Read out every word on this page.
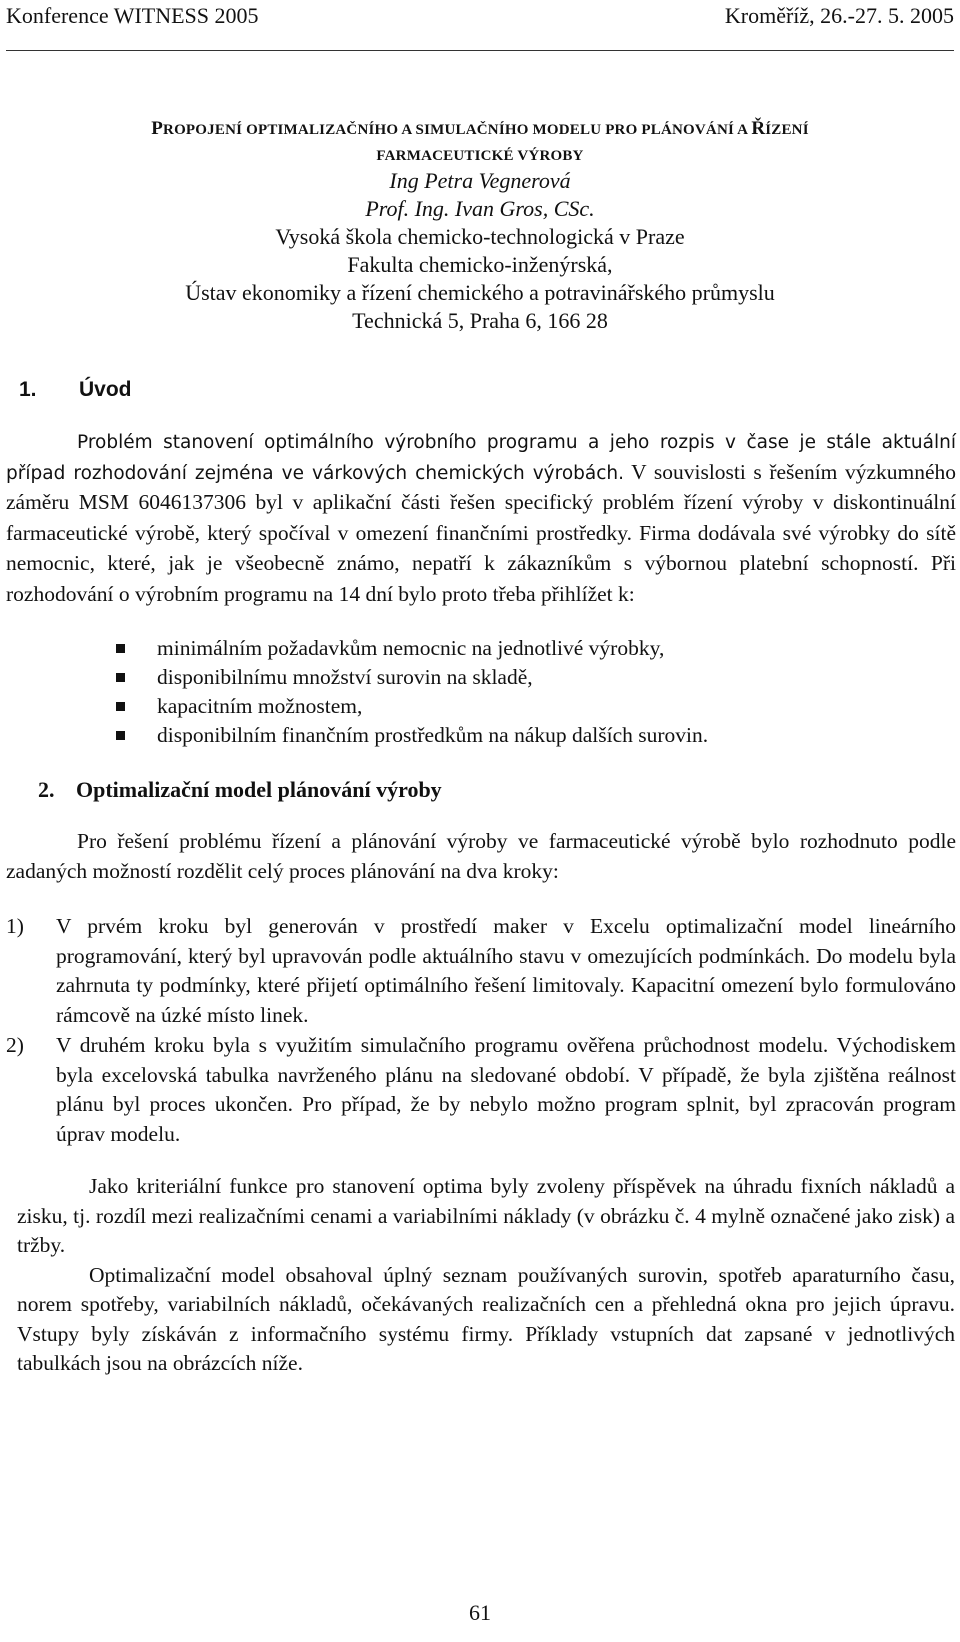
Konference WITNESS 2005	Kroměříž, 26.-27. 5. 2005
PROPOJENÍ OPTIMALIZAČNÍHO A SIMULAČNÍHO MODELU PRO PLÁNOVÁNÍ A ŘÍZENÍ
FARMACEUTICKÉ VÝROBY
Ing Petra Vegnerová
Prof. Ing. Ivan Gros, CSc.
Vysoká škola chemicko-technologická v Praze
Fakulta chemicko-inženýrská,
Ústav ekonomiky a řízení chemického a potravinářského průmyslu
Technická 5, Praha 6, 166 28
1. Úvod
Problém stanovení optimálního výrobního programu a jeho rozpis v čase je stále aktuální případ rozhodování zejména ve várkových chemických výrobách. V souvislosti s řešením výzkumného záměru MSM 6046137306 byl v aplikační části řešen specifický problém řízení výroby v diskontinuální farmaceutické výrobě, který spočíval v omezení finančními prostředky. Firma dodávala své výrobky do sítě nemocnic, které, jak je všeobecně známo, nepatří k zákazníkům s výbornou platební schopností. Při rozhodování o výrobním programu na 14 dní bylo proto třeba přihlížet k:
minimálním požadavkům nemocnic na jednotlivé výrobky,
disponibilnímu množství surovin na skladě,
kapacitním možnostem,
disponibilním finančním prostředkům na nákup dalších surovin.
2. Optimalizační model plánování výroby
Pro řešení problému řízení a plánování výroby ve farmaceutické výrobě bylo rozhodnuto podle zadaných možností rozdělit celý proces plánování na dva kroky:
1) V prvém kroku byl generován v prostředí maker v Excelu optimalizační model lineárního programování, který byl upravován podle aktuálního stavu v omezujících podmínkách. Do modelu byla zahrnuta ty podmínky, které přijetí optimálního řešení limitovaly. Kapacitní omezení bylo formulováno rámcově na úzké místo linek.
2) V druhém kroku byla s využitím simulačního programu ověřena průchodnost modelu. Východiskem byla excelovská tabulka navrženého plánu na sledované období. V případě, že byla zjištěna reálnost plánu byl proces ukončen. Pro případ, že by nebylo možno program splnit, byl zpracován program úprav modelu.

Jako kriteriální funkce pro stanovení optima byly zvoleny příspěvek na úhradu fixních nákladů a zisku, tj. rozdíl mezi realizačními cenami a variabilními náklady (v obrázku č. 4 mylně označené jako zisk) a tržby.

Optimalizační model obsahoval úplný seznam používaných surovin, spotřeb aparaturního času, norem spotřeby, variabilních nákladů, očekávaných realizačních cen a přehledná okna pro jejich úpravu. Vstupy byly získáván z informačního systému firmy. Příklady vstupních dat zapsané v jednotlivých tabulkách jsou na obrázcích níže.

61
